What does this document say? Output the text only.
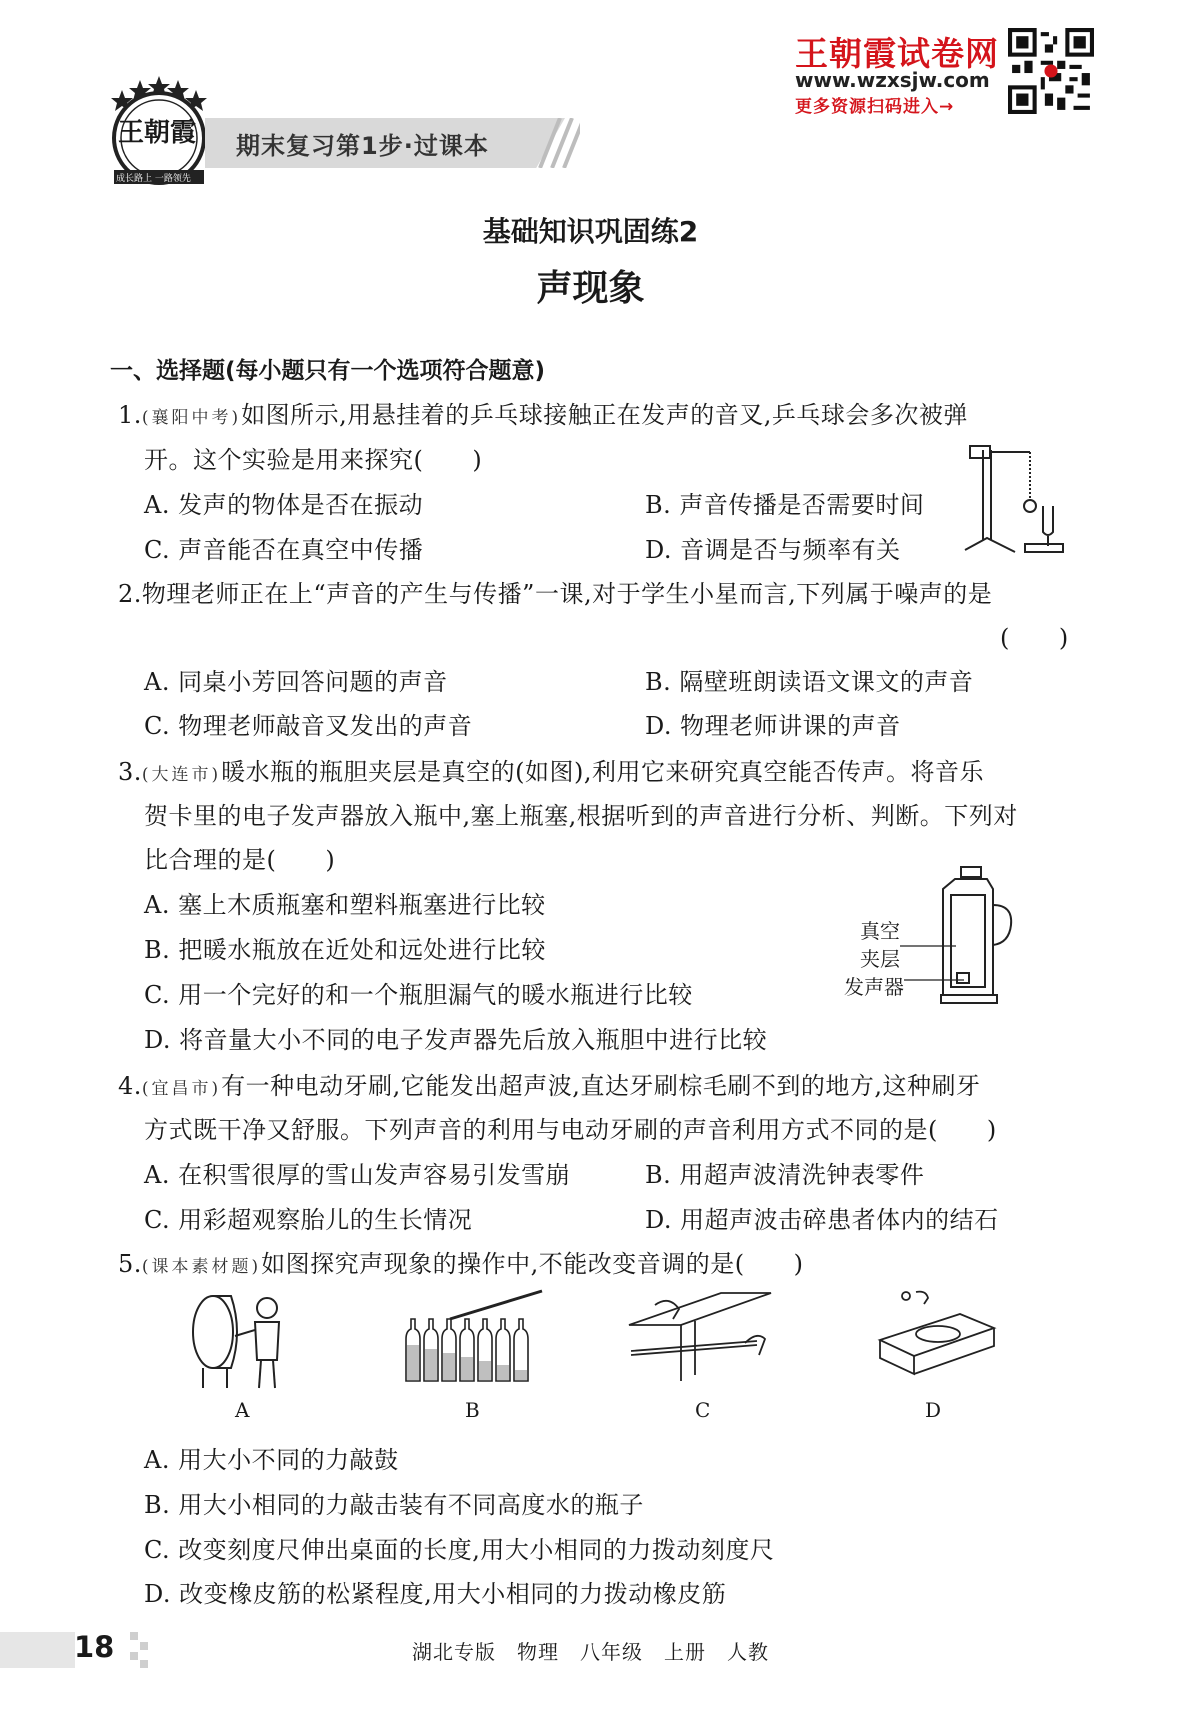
王朝霞
成长路上 一路领先
期末复习第1步·过课本
王朝霞试卷网
www.wzxsjw.com
更多资源扫码进入→
基础知识巩固练2
声现象
一、选择题(每小题只有一个选项符合题意)
1.(襄阳中考)如图所示,用悬挂着的乒乓球接触正在发声的音叉,乒乓球会多次被弹
开。这个实验是用来探究(　　)
A. 发声的物体是否在振动	B. 声音传播是否需要时间
C. 声音能否在真空中传播	D. 音调是否与频率有关
2.物理老师正在上“声音的产生与传播”一课,对于学生小星而言,下列属于噪声的是
(　　)
A. 同桌小芳回答问题的声音	B. 隔壁班朗读语文课文的声音
C. 物理老师敲音叉发出的声音	D. 物理老师讲课的声音
3.(大连市)暖水瓶的瓶胆夹层是真空的(如图),利用它来研究真空能否传声。将音乐
贺卡里的电子发声器放入瓶中,塞上瓶塞,根据听到的声音进行分析、判断。下列对
比合理的是(　　)
A. 塞上木质瓶塞和塑料瓶塞进行比较
B. 把暖水瓶放在近处和远处进行比较
C. 用一个完好的和一个瓶胆漏气的暖水瓶进行比较
D. 将音量大小不同的电子发声器先后放入瓶胆中进行比较
真空
夹层
发声器
4.(宜昌市)有一种电动牙刷,它能发出超声波,直达牙刷棕毛刷不到的地方,这种刷牙
方式既干净又舒服。下列声音的利用与电动牙刷的声音利用方式不同的是(　　)
A. 在积雪很厚的雪山发声容易引发雪崩	B. 用超声波清洗钟表零件
C. 用彩超观察胎儿的生长情况	D. 用超声波击碎患者体内的结石
5.(课本素材题)如图探究声现象的操作中,不能改变音调的是(　　)
A	B	C	D
A. 用大小不同的力敲鼓
B. 用大小相同的力敲击装有不同高度水的瓶子
C. 改变刻度尺伸出桌面的长度,用大小相同的力拨动刻度尺
D. 改变橡皮筋的松紧程度,用大小相同的力拨动橡皮筋
18	湖北专版　物理　八年级　上册　人教
